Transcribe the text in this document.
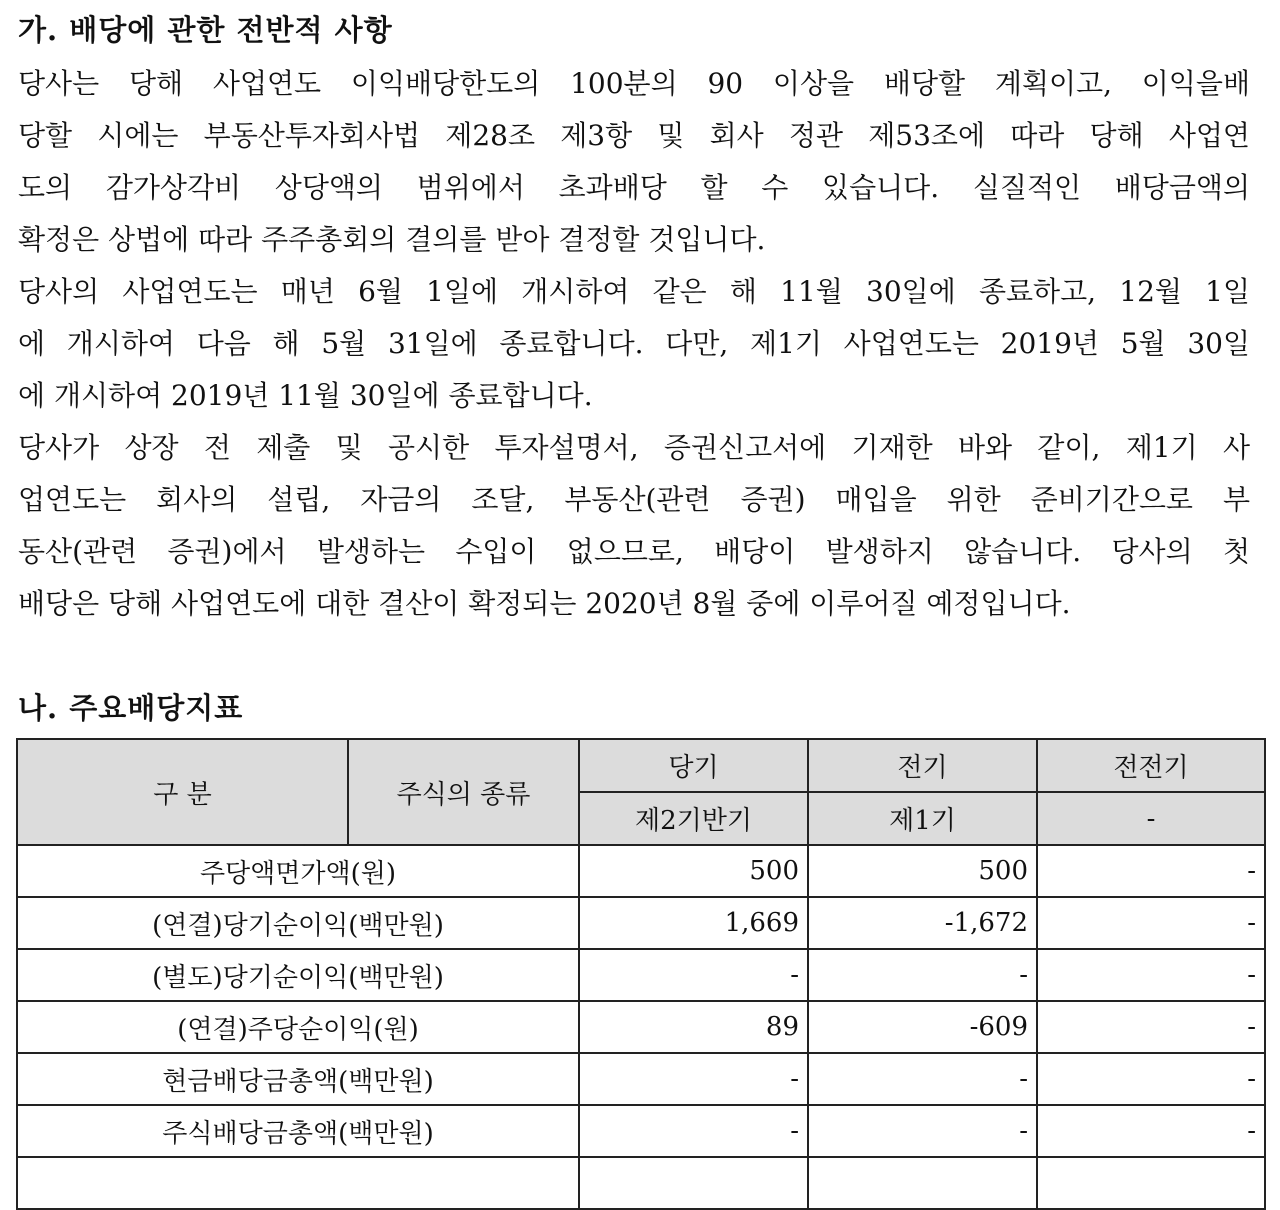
가. 배당에 관한 전반적 사항
당사는 당해 사업연도 이익배당한도의 100분의 90 이상을 배당할 계획이고, 이익을배
당할 시에는 부동산투자회사법 제28조 제3항 및 회사 정관 제53조에 따라 당해 사업연
도의 감가상각비 상당액의 범위에서 초과배당 할 수 있습니다. 실질적인 배당금액의
확정은 상법에 따라 주주총회의 결의를 받아 결정할 것입니다.
당사의 사업연도는 매년 6월 1일에 개시하여 같은 해 11월 30일에 종료하고, 12월 1일
에 개시하여 다음 해 5월 31일에 종료합니다. 다만, 제1기 사업연도는 2019년 5월 30일
에 개시하여 2019년 11월 30일에 종료합니다.
당사가 상장 전 제출 및 공시한 투자설명서, 증권신고서에 기재한 바와 같이, 제1기 사
업연도는 회사의 설립, 자금의 조달, 부동산(관련 증권) 매입을 위한 준비기간으로 부
동산(관련 증권)에서 발생하는 수입이 없으므로, 배당이 발생하지 않습니다. 당사의 첫
배당은 당해 사업연도에 대한 결산이 확정되는 2020년 8월 중에 이루어질 예정입니다.
나. 주요배당지표
구 분	주식의 종류	당기	전기	전전기
		제2기반기	제1기	-
주당액면가액(원)		500	500	-
(연결)당기순이익(백만원)		1,669	-1,672	-
(별도)당기순이익(백만원)		-	-	-
(연결)주당순이익(원)		89	-609	-
현금배당금총액(백만원)		-	-	-
주식배당금총액(백만원)		-	-	-
